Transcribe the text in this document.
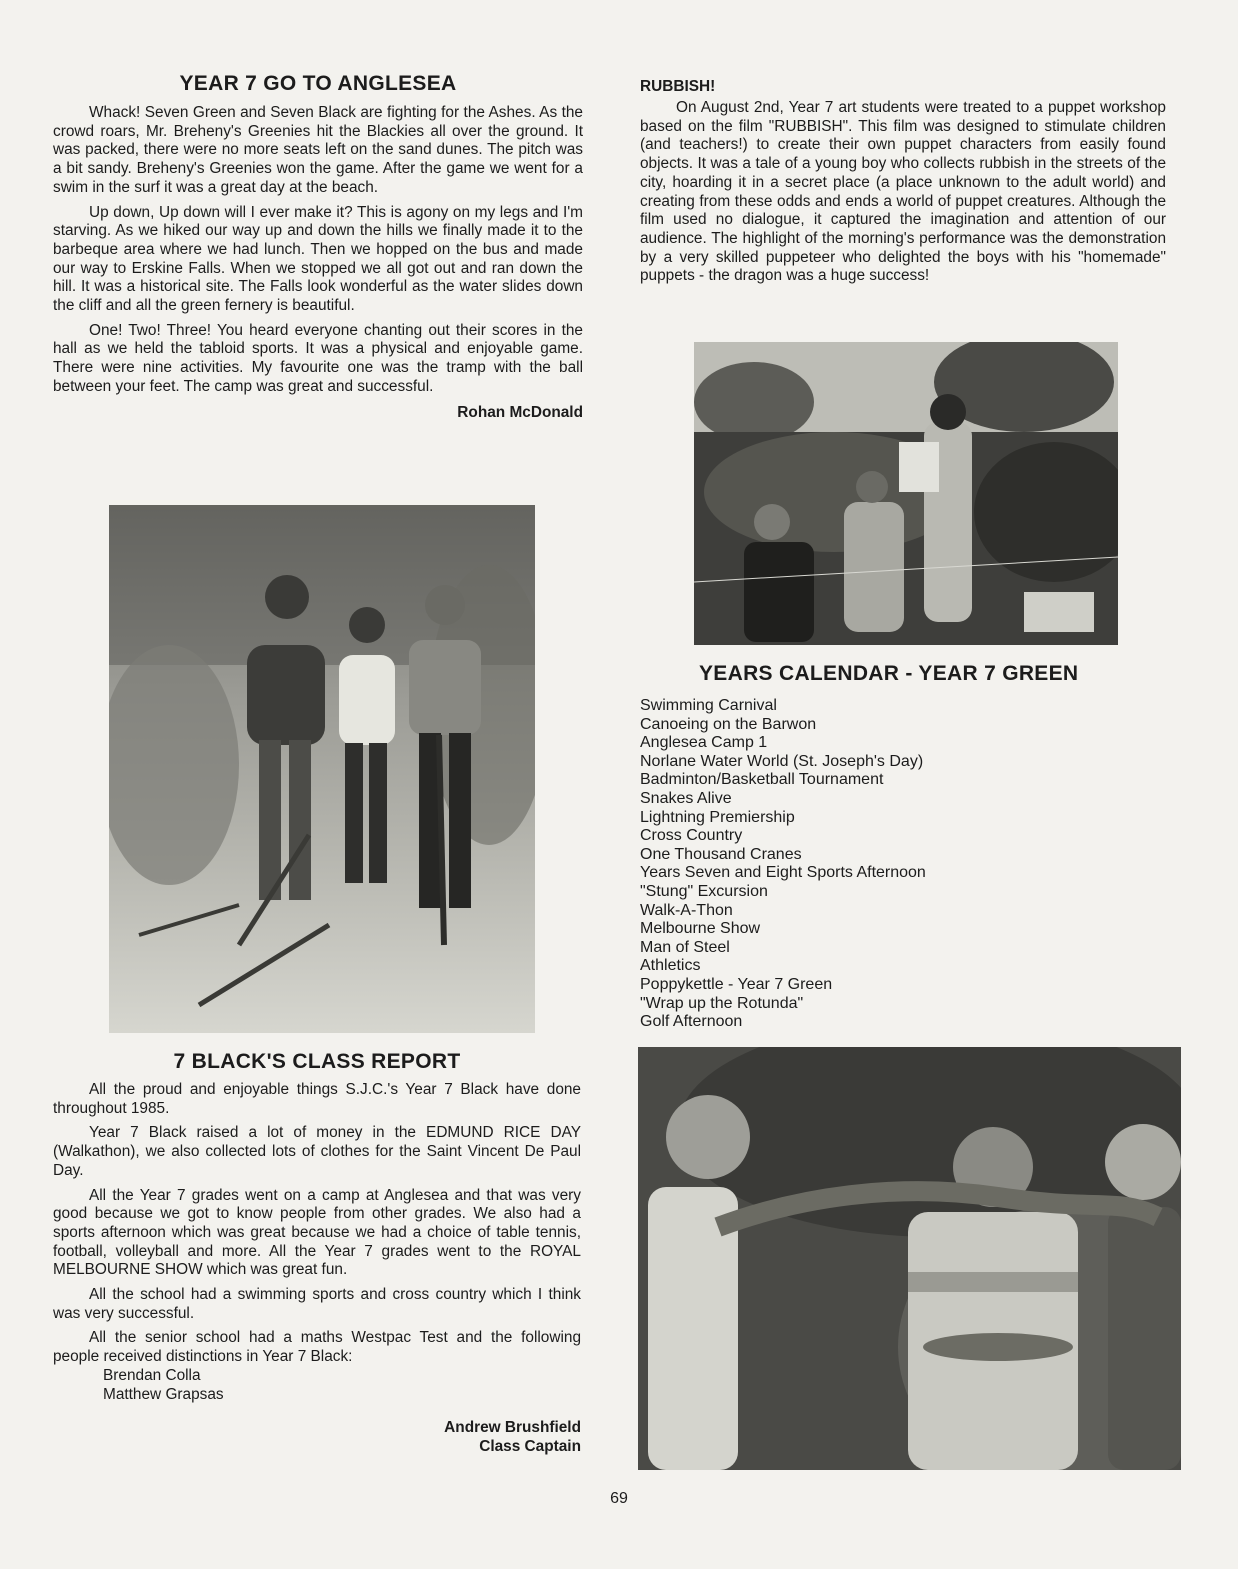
YEAR 7 GO TO ANGLESEA

Whack! Seven Green and Seven Black are fighting for the Ashes. As the crowd roars, Mr. Breheny's Greenies hit the Blackies all over the ground. It was packed, there were no more seats left on the sand dunes. The pitch was a bit sandy. Breheny's Greenies won the game. After the game we went for a swim in the surf it was a great day at the beach.

Up down, Up down will I ever make it? This is agony on my legs and I'm starving. As we hiked our way up and down the hills we finally made it to the barbeque area where we had lunch. Then we hopped on the bus and made our way to Erskine Falls. When we stopped we all got out and ran down the hill. It was a historical site. The Falls look wonderful as the water slides down the cliff and all the green fernery is beautiful.

One! Two! Three! You heard everyone chanting out their scores in the hall as we held the tabloid sports. It was a physical and enjoyable game. There were nine activities. My favourite one was the tramp with the ball between your feet. The camp was great and successful.

Rohan McDonald
7 BLACK'S CLASS REPORT

All the proud and enjoyable things S.J.C.'s Year 7 Black have done throughout 1985.

Year 7 Black raised a lot of money in the EDMUND RICE DAY (Walkathon), we also collected lots of clothes for the Saint Vincent De Paul Day.

All the Year 7 grades went on a camp at Anglesea and that was very good because we got to know people from other grades. We also had a sports afternoon which was great because we had a choice of table tennis, football, volleyball and more. All the Year 7 grades went to the ROYAL MELBOURNE SHOW which was great fun.

All the school had a swimming sports and cross country which I think was very successful.

All the senior school had a maths Westpac Test and the following people received distinctions in Year 7 Black:

Brendan Colla
Matthew Grapsas
Andrew Brushfield
Class Captain
RUBBISH!

On August 2nd, Year 7 art students were treated to a puppet workshop based on the film "RUBBISH". This film was designed to stimulate children (and teachers!) to create their own puppet characters from easily found objects. It was a tale of a young boy who collects rubbish in the streets of the city, hoarding it in a secret place (a place unknown to the adult world) and creating from these odds and ends a world of puppet creatures. Although the film used no dialogue, it captured the imagination and attention of our audience. The highlight of the morning's performance was the demonstration by a very skilled puppeteer who delighted the boys with his "homemade" puppets - the dragon was a huge success!

YEARS CALENDAR - YEAR 7 GREEN
Swimming Carnival
Canoeing on the Barwon
Anglesea Camp 1
Norlane Water World (St. Joseph's Day)
Badminton/Basketball Tournament
Snakes Alive
Lightning Premiership
Cross Country
One Thousand Cranes
Years Seven and Eight Sports Afternoon
"Stung" Excursion
Walk-A-Thon
Melbourne Show
Man of Steel
Athletics
Poppykettle - Year 7 Green
"Wrap up the Rotunda"
Golf Afternoon
69
